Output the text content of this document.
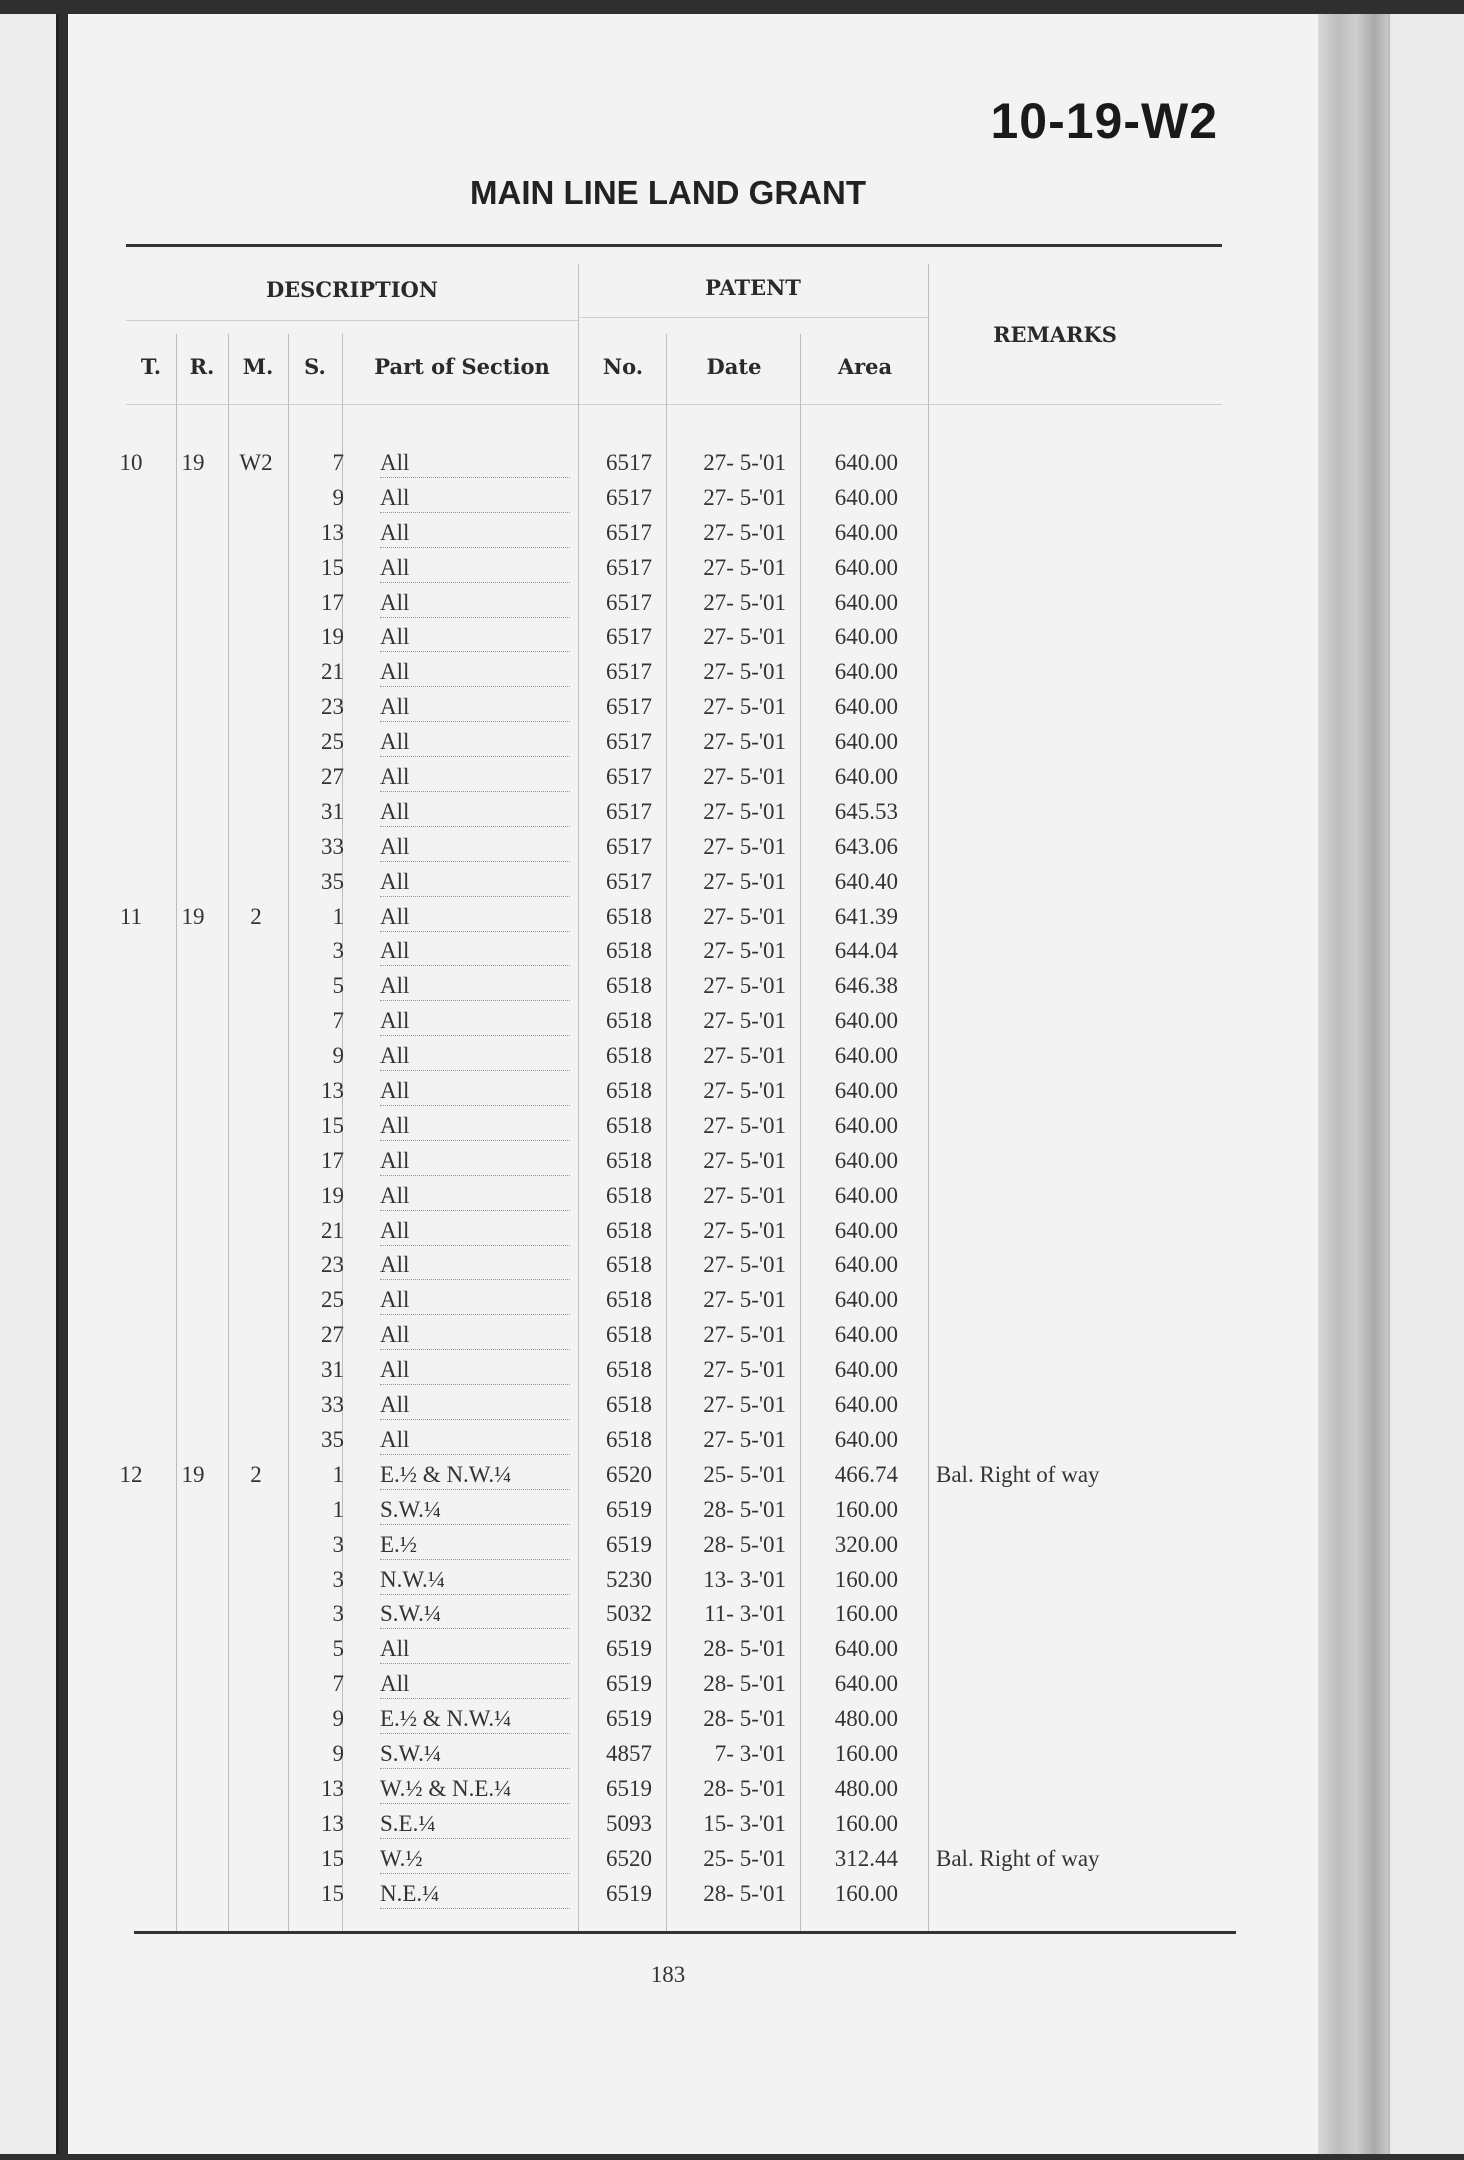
10-19-W2
MAIN LINE LAND GRANT
DESCRIPTION	PATENT
REMARKS
T.	R.	M.	S.	Part of Section	No.	Date	Area
10	19	W2	7 All	6517	27- 5-'01	640.00
9 All	6517	27- 5-'01	640.00
13 All	6517	27- 5-'01	640.00
15 All	6517	27- 5-'01	640.00
17 All	6517	27- 5-'01	640.00
19 All	6517	27- 5-'01	640.00
21 All	6517	27- 5-'01	640.00
23 All	6517	27- 5-'01	640.00
25 All	6517	27- 5-'01	640.00
27 All	6517	27- 5-'01	640.00
31 All	6517	27- 5-'01	645.53
33 All	6517	27- 5-'01	643.06
35 All	6517	27- 5-'01	640.40
11	19	2	1 All	6518	27- 5-'01	641.39
3 All	6518	27- 5-'01	644.04
5 All	6518	27- 5-'01	646.38
7 All	6518	27- 5-'01	640.00
9 All	6518	27- 5-'01	640.00
13 All	6518	27- 5-'01	640.00
15 All	6518	27- 5-'01	640.00
17 All	6518	27- 5-'01	640.00
19 All	6518	27- 5-'01	640.00
21 All	6518	27- 5-'01	640.00
23 All	6518	27- 5-'01	640.00
25 All	6518	27- 5-'01	640.00
27 All	6518	27- 5-'01	640.00
31 All	6518	27- 5-'01	640.00
33 All	6518	27- 5-'01	640.00
35 All	6518	27- 5-'01	640.00
12	19	2	1 E.½ & N.W.¼	6520	25- 5-'01	466.74 Bal. Right of way
1 S.W.¼	6519	28- 5-'01	160.00
3 E.½	6519	28- 5-'01	320.00
3 N.W.¼	5230	13- 3-'01	160.00
3 S.W.¼	5032	11- 3-'01	160.00
5 All	6519	28- 5-'01	640.00
7 All	6519	28- 5-'01	640.00
9 E.½ & N.W.¼	6519	28- 5-'01	480.00
9 S.W.¼	4857	7- 3-'01	160.00
13 W.½ & N.E.¼	6519	28- 5-'01	480.00
13 S.E.¼	5093	15- 3-'01	160.00
15 W.½	6520	25- 5-'01	312.44 Bal. Right of way
15 N.E.¼	6519	28- 5-'01	160.00
183
